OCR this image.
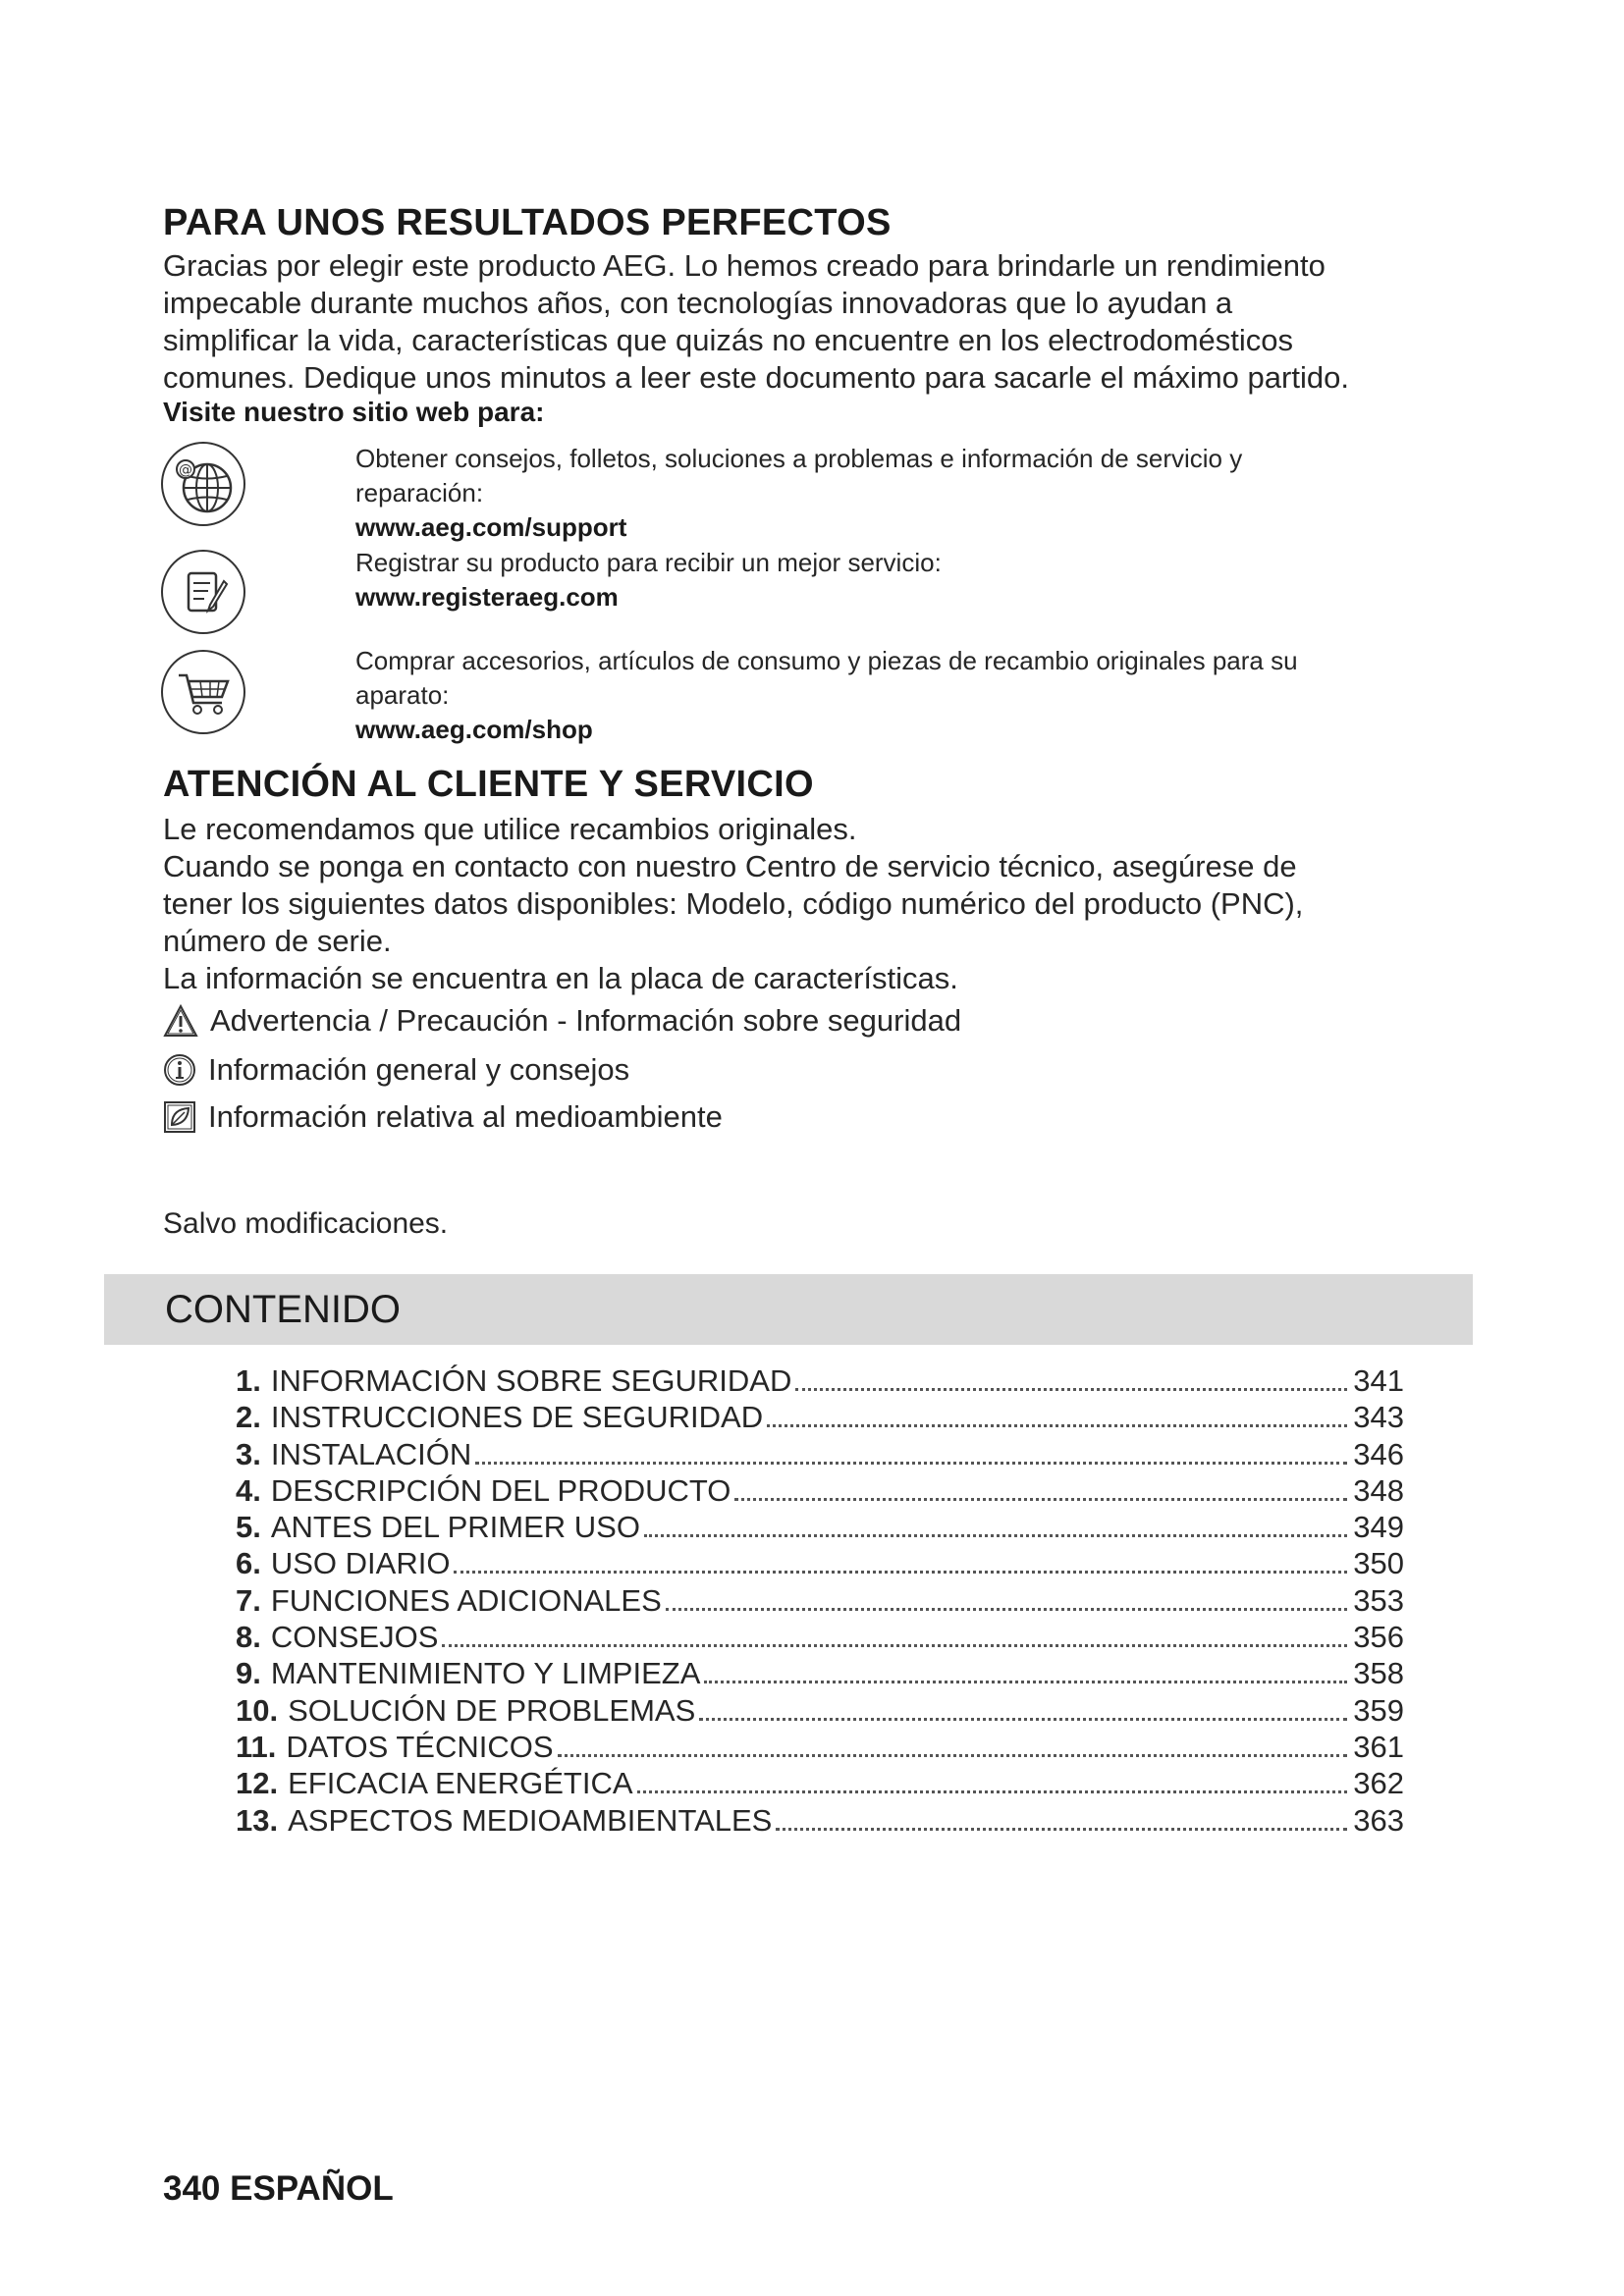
PARA UNOS RESULTADOS PERFECTOS
Gracias por elegir este producto AEG. Lo hemos creado para brindarle un rendimiento
impecable durante muchos años, con tecnologías innovadoras que lo ayudan a
simplificar la vida, características que quizás no encuentre en los electrodomésticos
comunes. Dedique unos minutos a leer este documento para sacarle el máximo partido.
Visite nuestro sitio web para:
@	Obtener consejos, folletos, soluciones a problemas e información de servicio y
reparación:
www.aeg.com/support
Registrar su producto para recibir un mejor servicio:
www.registeraeg.com
Comprar accesorios, artículos de consumo y piezas de recambio originales para su
aparato:
www.aeg.com/shop
ATENCIÓN AL CLIENTE Y SERVICIO
Le recomendamos que utilice recambios originales.
Cuando se ponga en contacto con nuestro Centro de servicio técnico, asegúrese de
tener los siguientes datos disponibles: Modelo, código numérico del producto (PNC),
número de serie.
La información se encuentra en la placa de características.
Advertencia / Precaución - Información sobre seguridad
Información general y consejos
Información relativa al medioambiente
Salvo modificaciones.
CONTENIDO
1. INFORMACIÓN SOBRE SEGURIDAD	341
2. INSTRUCCIONES DE SEGURIDAD	343
3. INSTALACIÓN	346
4. DESCRIPCIÓN DEL PRODUCTO	348
5. ANTES DEL PRIMER USO	349
6. USO DIARIO	350
7. FUNCIONES ADICIONALES	353
8. CONSEJOS	356
9. MANTENIMIENTO Y LIMPIEZA	358
10. SOLUCIÓN DE PROBLEMAS	359
11. DATOS TÉCNICOS	361
12. EFICACIA ENERGÉTICA	362
13. ASPECTOS MEDIOAMBIENTALES	363
340 ESPAÑOL
